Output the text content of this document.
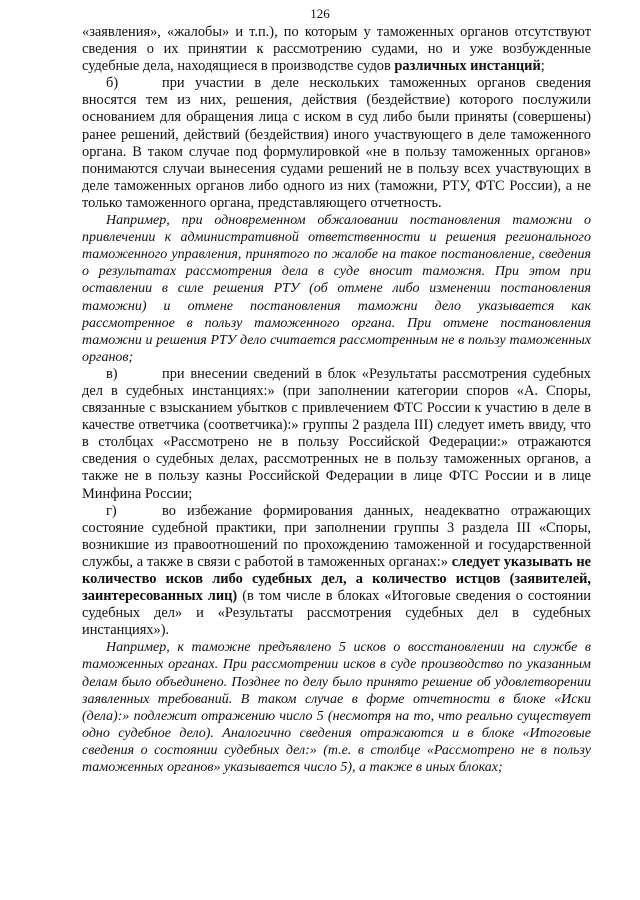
126

«заявления», «жалобы» и т.п.), по которым у таможенных органов отсутствуют сведения о их принятии к рассмотрению судами, но и уже возбужденные судебные дела, находящиеся в производстве судов различных инстанций;

б)	при участии в деле нескольких таможенных органов сведения вносятся тем из них, решения, действия (бездействие) которого послужили основанием для обращения лица с иском в суд либо были приняты (совершены) ранее решений, действий (бездействия) иного участвующего в деле таможенного органа. В таком случае под формулировкой «не в пользу таможенных органов» понимаются случаи вынесения судами решений не в пользу всех участвующих в деле таможенных органов либо одного из них (таможни, РТУ, ФТС России), а не только таможенного органа, представляющего отчетность.

Например, при одновременном обжаловании постановления таможни о привлечении к административной ответственности и решения регионального таможенного управления, принятого по жалобе на такое постановление, сведения о результатах рассмотрения дела в суде вносит таможня. При этом при оставлении в силе решения РТУ (об отмене либо изменении постановления таможни) и отмене постановления таможни дело указывается как рассмотренное в пользу таможенного органа. При отмене постановления таможни и решения РТУ дело считается рассмотренным не в пользу таможенных органов;

в)	при внесении сведений в блок «Результаты рассмотрения судебных дел в судебных инстанциях:» (при заполнении категории споров «А. Споры, связанные с взысканием убытков с привлечением ФТС России к участию в деле в качестве ответчика (соответчика):» группы 2 раздела III) следует иметь ввиду, что в столбцах «Рассмотрено не в пользу Российской Федерации:» отражаются сведения о судебных делах, рассмотренных не в пользу таможенных органов, а также не в пользу казны Российской Федерации в лице ФТС России и в лице Минфина России;

г)	во избежание формирования данных, неадекватно отражающих состояние судебной практики, при заполнении группы 3 раздела III «Споры, возникшие из правоотношений по прохождению таможенной и государственной службы, а также в связи с работой в таможенных органах:» следует указывать не количество исков либо судебных дел, а количество истцов (заявителей, заинтересованных лиц) (в том числе в блоках «Итоговые сведения о состоянии судебных дел» и «Результаты рассмотрения судебных дел в судебных инстанциях»).

Например, к таможне предъявлено 5 исков о восстановлении на службе в таможенных органах. При рассмотрении исков в суде производство по указанным делам было объединено. Позднее по делу было принято решение об удовлетворении заявленных требований. В таком случае в форме отчетности в блоке «Иски (дела):» подлежит отражению число 5 (несмотря на то, что реально существует одно судебное дело). Аналогично сведения отражаются и в блоке «Итоговые сведения о состоянии судебных дел:» (т.е. в столбце «Рассмотрено не в пользу таможенных органов» указывается число 5), а также в иных блоках;
